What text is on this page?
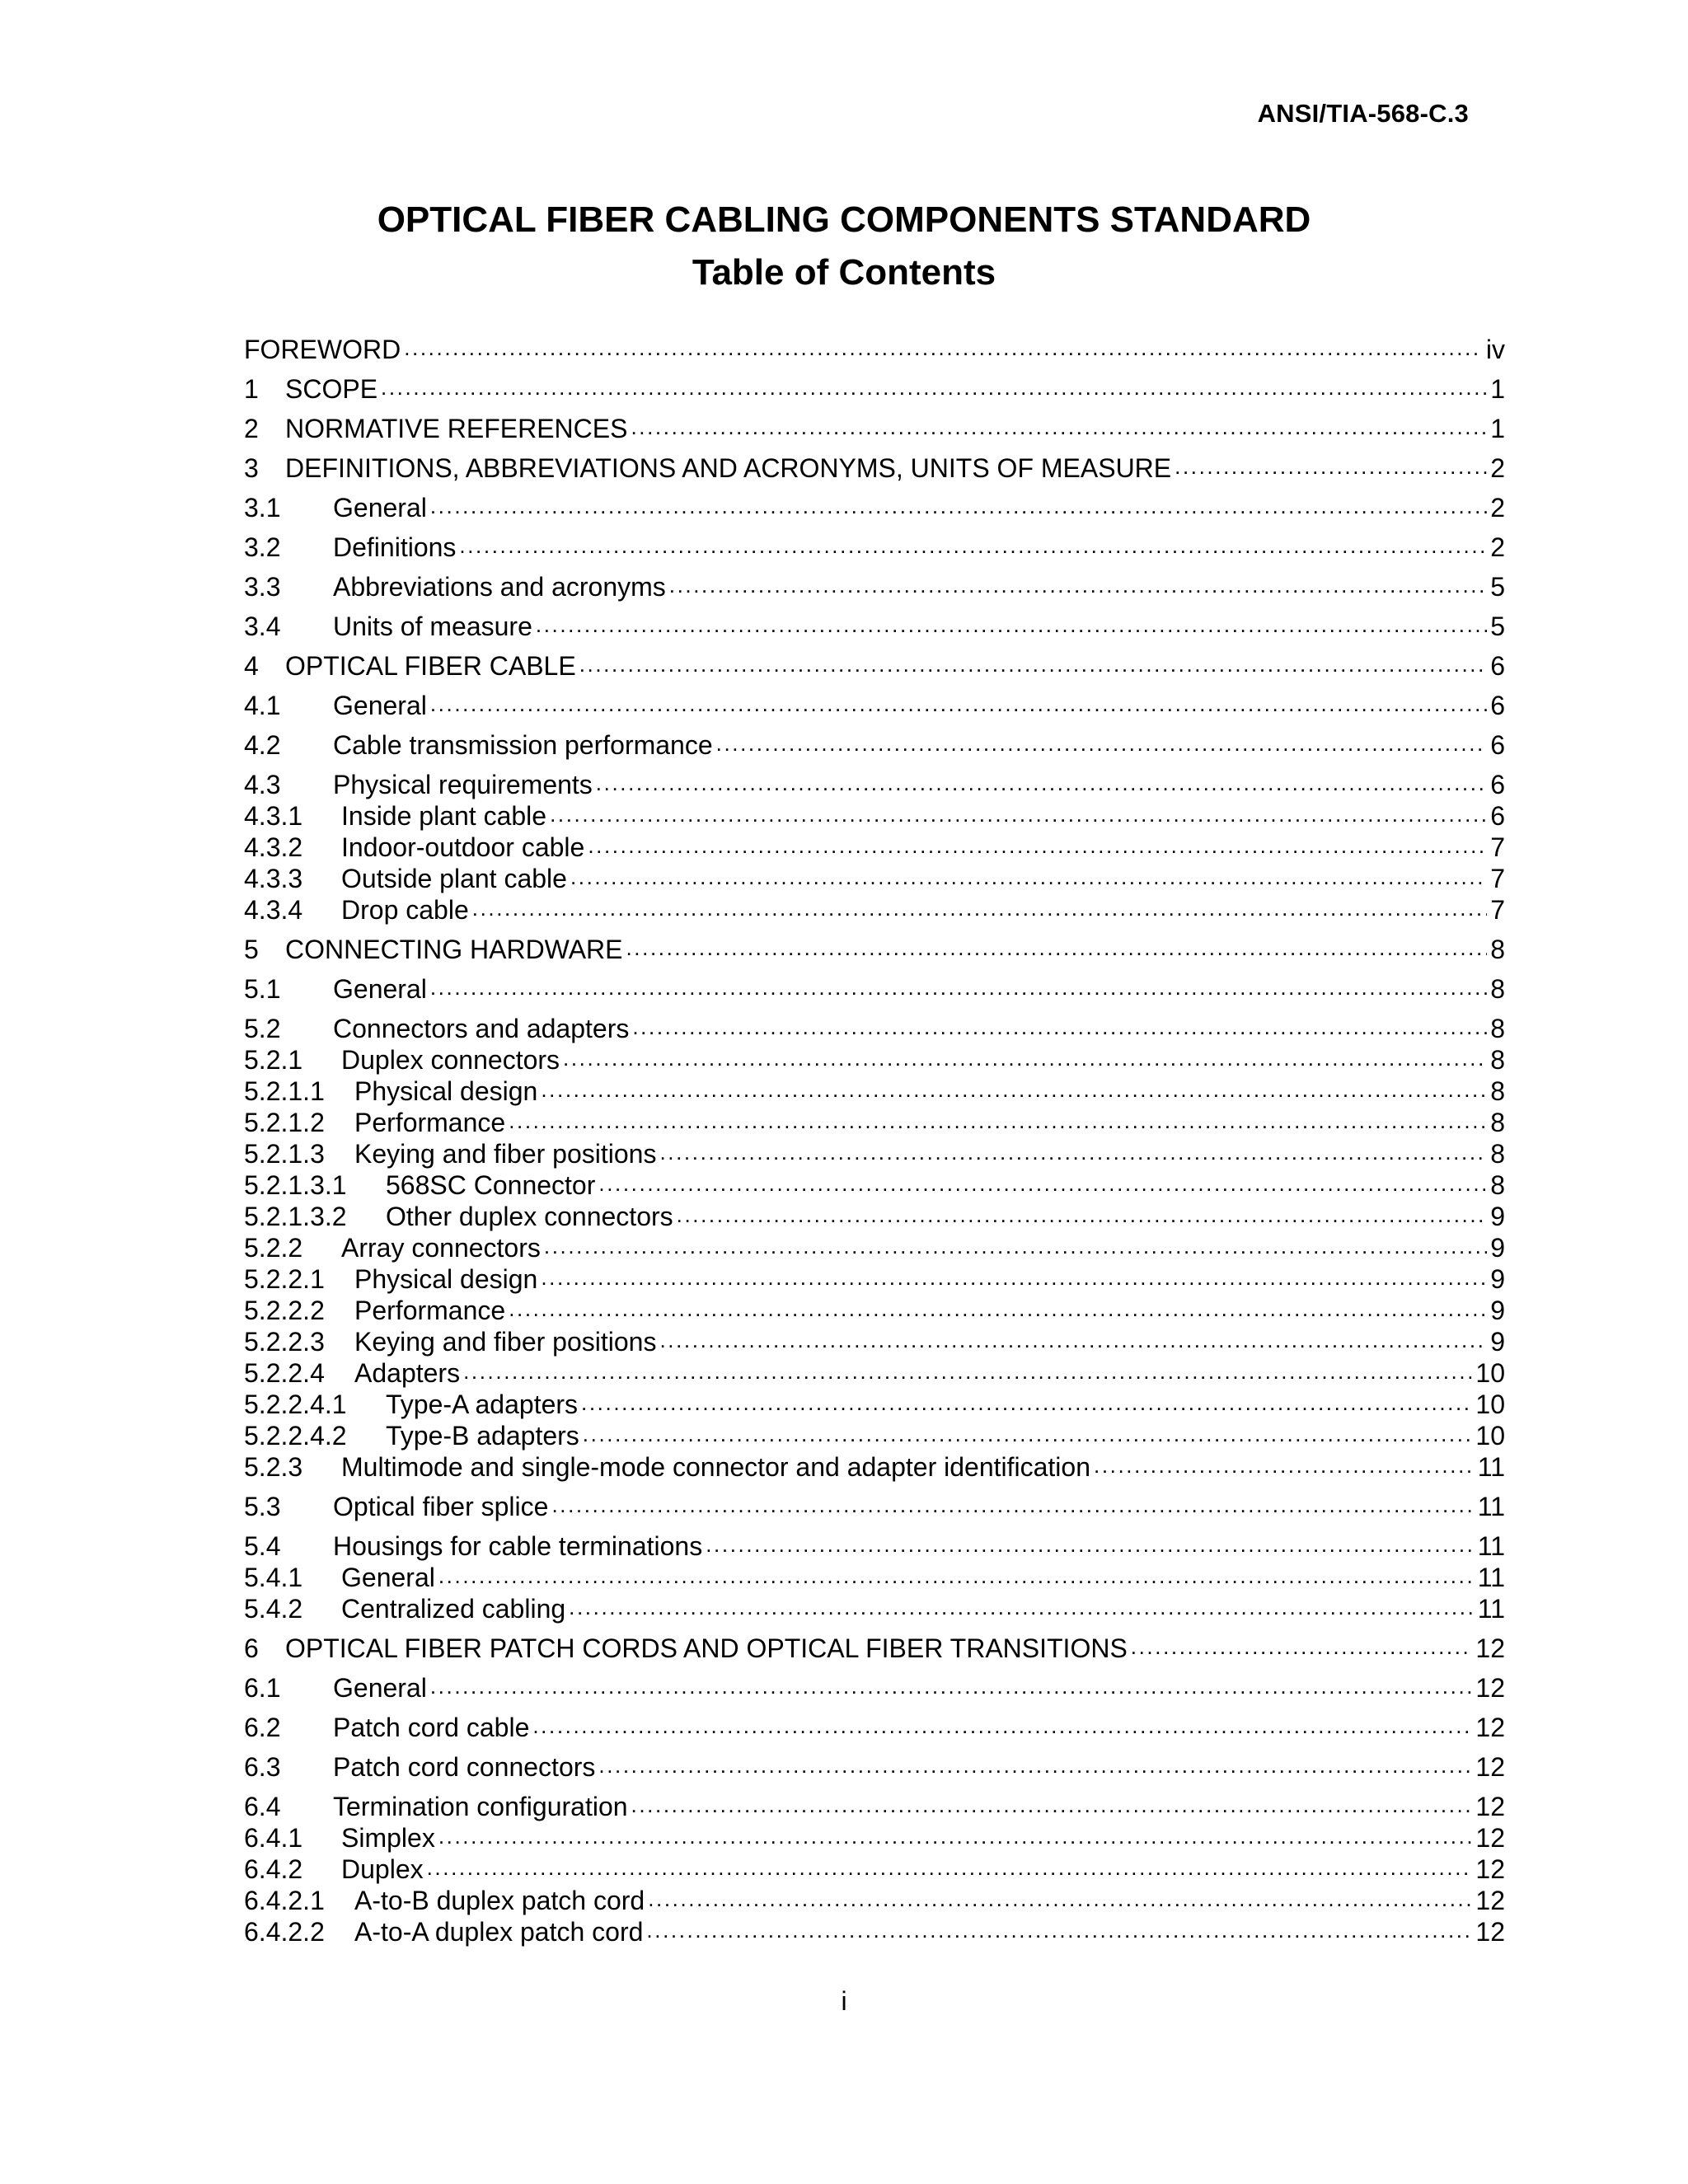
ANSI/TIA-568-C.3
OPTICAL FIBER CABLING COMPONENTS STANDARD
Table of Contents
FOREWORD .....	iv
1	SCOPE .....	1
2	NORMATIVE REFERENCES .....	1
3	DEFINITIONS, ABBREVIATIONS AND ACRONYMS, UNITS OF MEASURE .....	2
3.1	General .....	2
3.2	Definitions .....	2
3.3	Abbreviations and acronyms .....	5
3.4	Units of measure .....	5
4	OPTICAL FIBER CABLE .....	6
4.1	General .....	6
4.2	Cable transmission performance .....	6
4.3	Physical requirements .....	6
4.3.1	Inside plant cable .....	6
4.3.2	Indoor-outdoor cable .....	7
4.3.3	Outside plant cable .....	7
4.3.4	Drop cable .....	7
5	CONNECTING HARDWARE .....	8
5.1	General .....	8
5.2	Connectors and adapters .....	8
5.2.1	Duplex connectors .....	8
5.2.1.1	Physical design .....	8
5.2.1.2	Performance .....	8
5.2.1.3	Keying and fiber positions .....	8
5.2.1.3.1	568SC Connector .....	8
5.2.1.3.2	Other duplex connectors .....	9
5.2.2	Array connectors .....	9
5.2.2.1	Physical design .....	9
5.2.2.2	Performance .....	9
5.2.2.3	Keying and fiber positions .....	9
5.2.2.4	Adapters .....	10
5.2.2.4.1	Type-A adapters .....	10
5.2.2.4.2	Type-B adapters .....	10
5.2.3	Multimode and single-mode connector and adapter identification .....	11
5.3	Optical fiber splice .....	11
5.4	Housings for cable terminations .....	11
5.4.1	General .....	11
5.4.2	Centralized cabling .....	11
6	OPTICAL FIBER PATCH CORDS AND OPTICAL FIBER TRANSITIONS .....	12
6.1	General .....	12
6.2	Patch cord cable .....	12
6.3	Patch cord connectors .....	12
6.4	Termination configuration .....	12
6.4.1	Simplex .....	12
6.4.2	Duplex .....	12
6.4.2.1	A-to-B duplex patch cord .....	12
6.4.2.2	A-to-A duplex patch cord .....	12
i
